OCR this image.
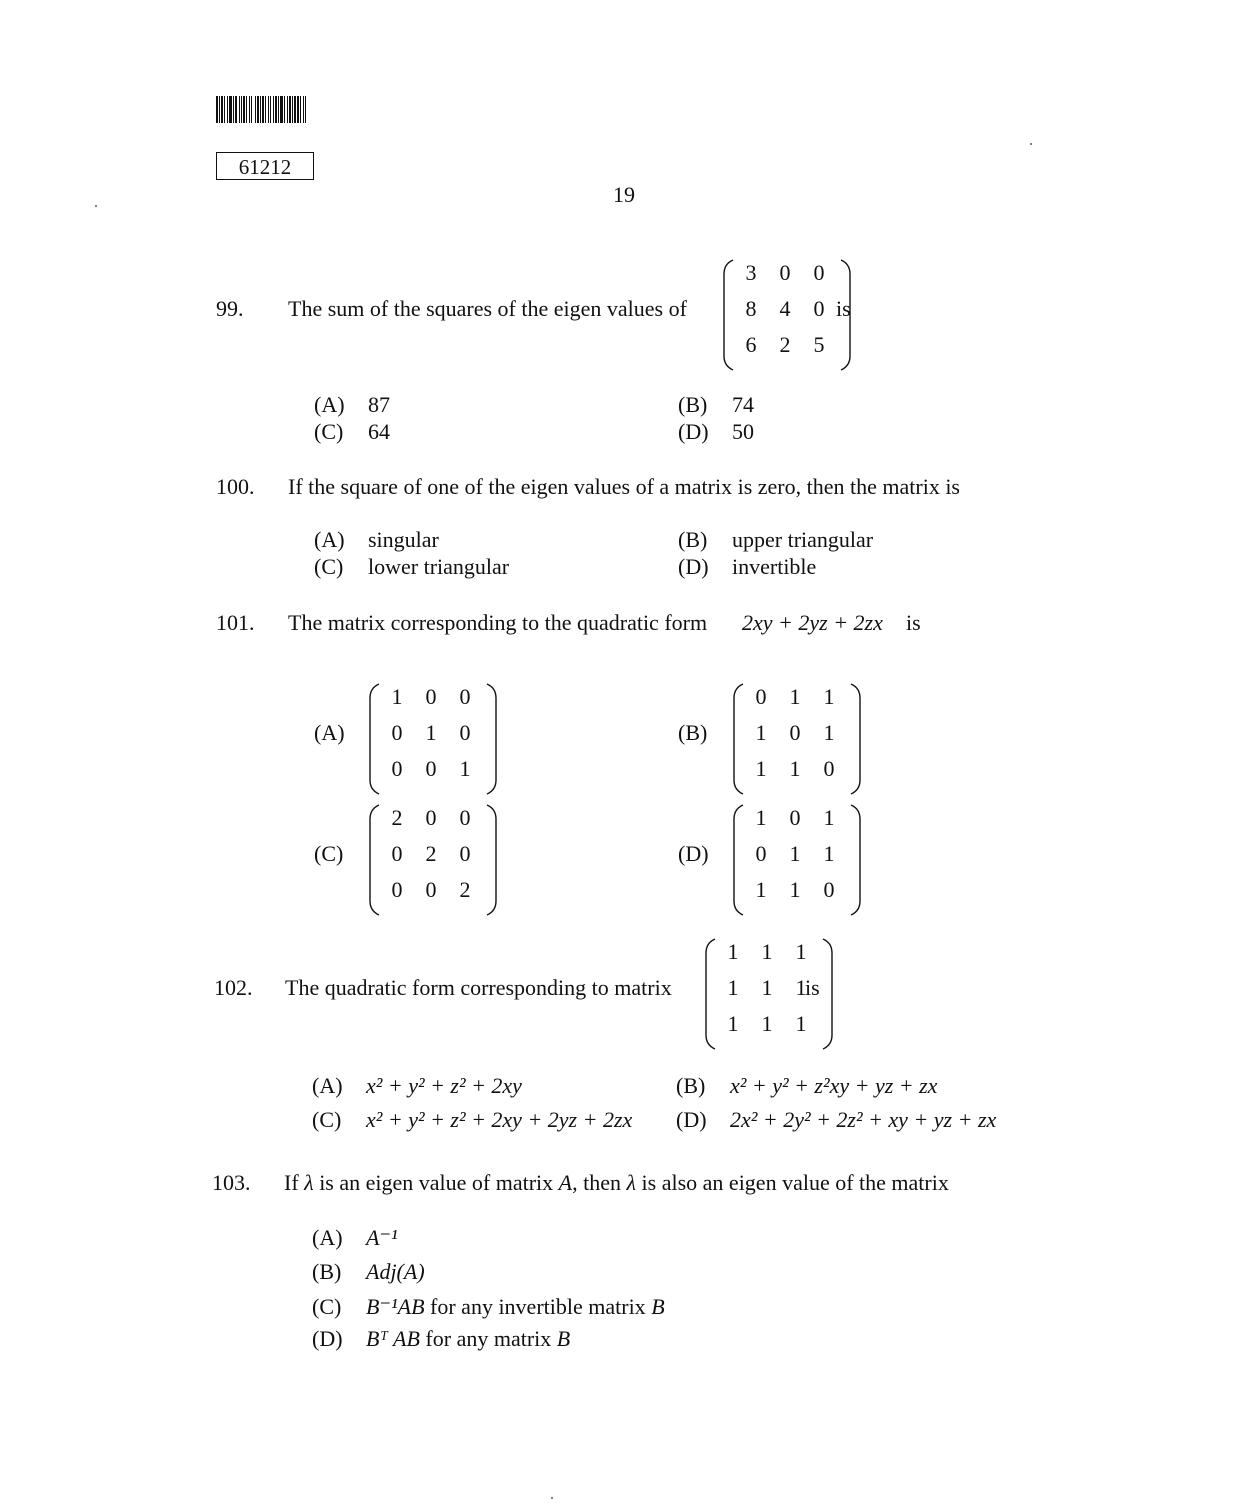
61212
19
99. The sum of the squares of the eigen values of
3	0	0
8	4	0
6	2	5
is
(A) 87	(B) 74
(C) 64	(D) 50
100. If the square of one of the eigen values of a matrix is zero, then the matrix is
(A) singular	(B) upper triangular
(C) lower triangular	(D) invertible
101. The matrix corresponding to the quadratic form 2xy + 2yz + 2zx is
(A)
1	0	0
0	1	0
0	0	1
(B)
0	1	1
1	0	1
1	1	0
(C)
2	0	0
0	2	0
0	0	2
(D)
1	0	1
0	1	1
1	1	0
102. The quadratic form corresponding to matrix
1	1	1
1	1	1
1	1	1
is
(A) x² + y² + z² + 2xy	(B) x² + y² + z²xy + yz + zx
(C) x² + y² + z² + 2xy + 2yz + 2zx (D) 2x² + 2y² + 2z² + xy + yz + zx
103. If λ is an eigen value of matrix A, then λ is also an eigen value of the matrix
(A) A⁻¹
(B) Adj(A)
(C) B⁻¹AB for any invertible matrix B
(D) Bᵀ AB for any matrix B
